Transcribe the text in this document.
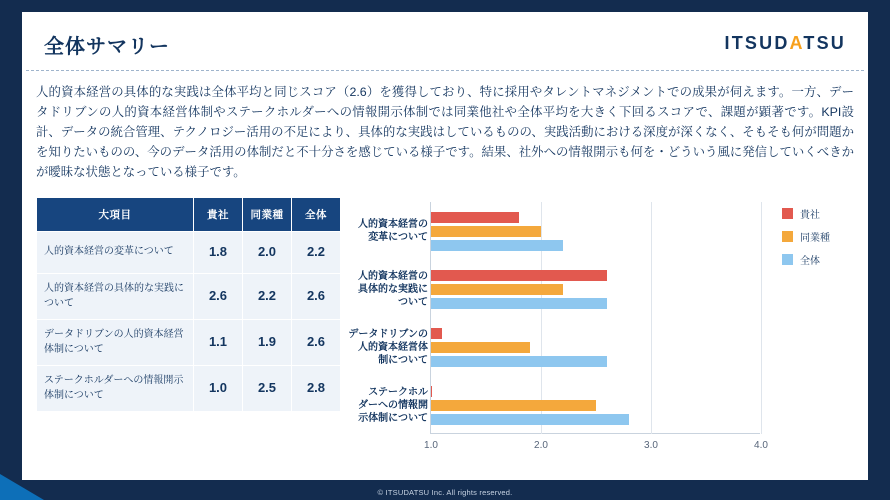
© ITSUDATSU Inc. All rights reserved.
全体サマリー	ITSUDATSU
人的資本経営の具体的な実践は全体平均と同じスコア（2.6）を獲得しており、特に採用やタレントマネジメントでの成果が伺えます。一方、データドリブンの人的資本経営体制やステークホルダーへの情報開示体制では同業他社や全体平均を大きく下回るスコアで、課題が顕著です。KPI設計、データの統合管理、テクノロジー活用の不足により、具体的な実践はしているものの、実践活動における深度が深くなく、そもそも何が問題かを知りたいものの、今のデータ活用の体制だと不十分さを感じている様子です。結果、社外への情報開示も何を・どういう風に発信していくべきかが曖昧な状態となっている様子です。
大項目	貴社	同業種	全体
人的資本経営の変革について	1.8	2.0	2.2
人的資本経営の具体的な実践について	2.6	2.2	2.6
データドリブンの人的資本経営体制について	1.1	1.9	2.6
ステークホルダーへの情報開示体制について	1.0	2.5	2.8
1.0	2.0	3.0	4.0
人的資本経営の
変革について
人的資本経営の
具体的な実践に
ついて
データドリブンの
人的資本経営体
制について
ステークホル
ダーへの情報開
示体制について
貴社
同業種
全体
